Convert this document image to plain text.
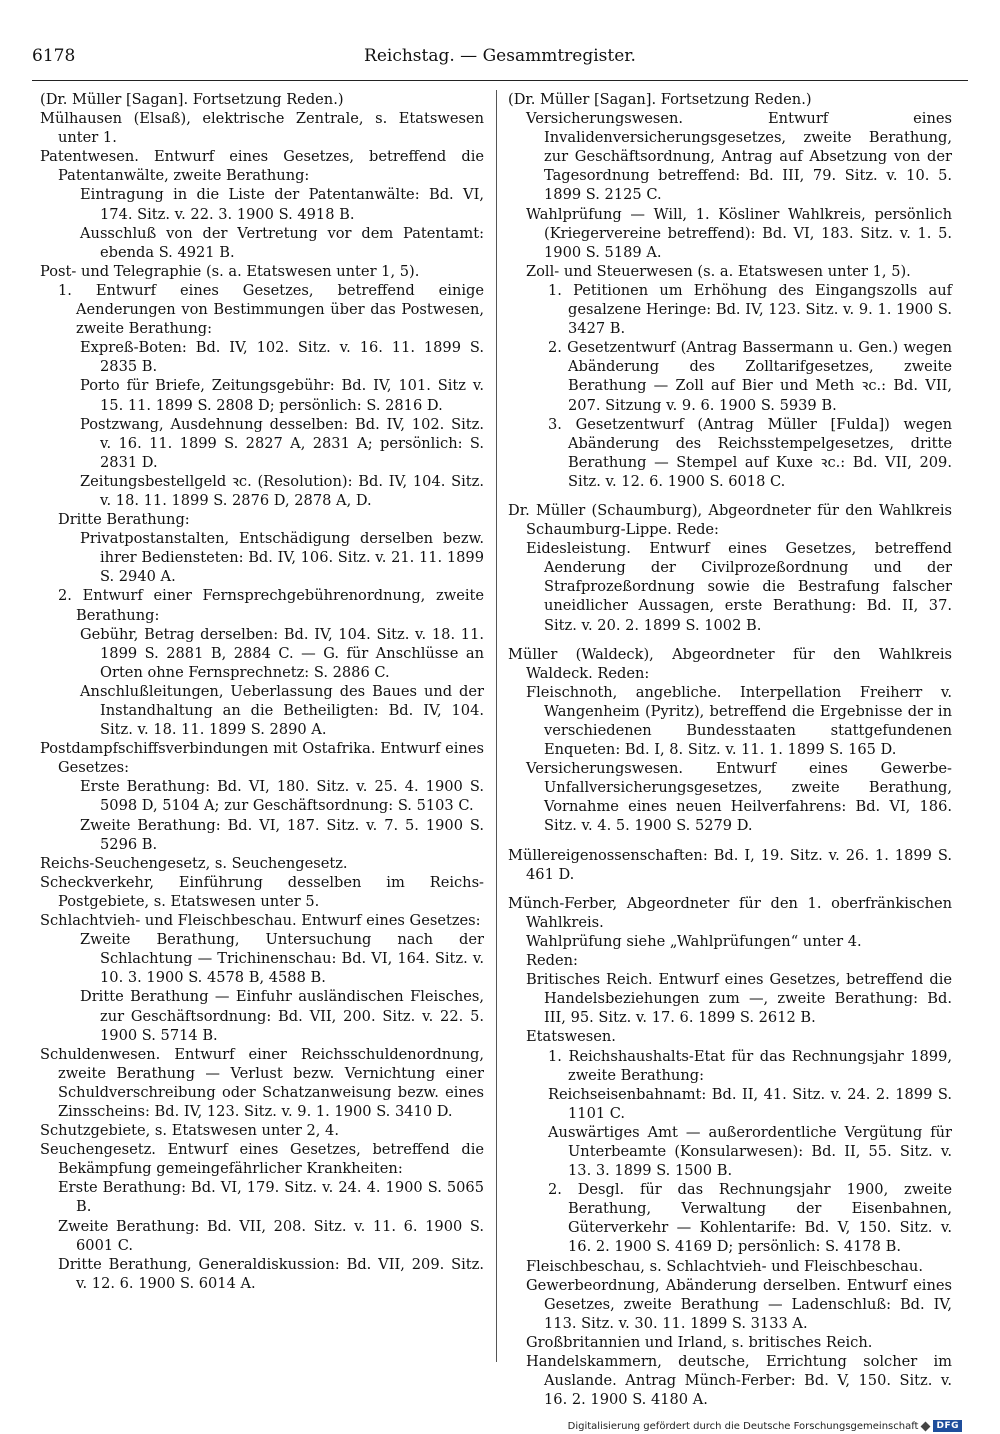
6178	Reichstag. — Gesammtregister.

(Dr. Müller [Sagan]. Fortsetzung Reden.)

Mülhausen (Elsaß), elektrische Zentrale, s. Etatswesen unter 1.

Patentwesen. Entwurf eines Gesetzes, betreffend die Patentanwälte, zweite Berathung:

Eintragung in die Liste der Patentanwälte: Bd. VI, 174. Sitz. v. 22. 3. 1900 S. 4918 B.

Ausschluß von der Vertretung vor dem Patentamt: ebenda S. 4921 B.

Post- und Telegraphie (s. a. Etatswesen unter 1, 5).

1. Entwurf eines Gesetzes, betreffend einige Aenderungen von Bestimmungen über das Postwesen, zweite Berathung:

Expreß-Boten: Bd. IV, 102. Sitz. v. 16. 11. 1899 S. 2835 B.

Porto für Briefe, Zeitungsgebühr: Bd. IV, 101. Sitz v. 15. 11. 1899 S. 2808 D; persönlich: S. 2816 D.

Postzwang, Ausdehnung desselben: Bd. IV, 102. Sitz. v. 16. 11. 1899 S. 2827 A, 2831 A; persönlich: S. 2831 D.

Zeitungsbestellgeld ꝛc. (Resolution): Bd. IV, 104. Sitz. v. 18. 11. 1899 S. 2876 D, 2878 A, D.

Dritte Berathung:

Privatpostanstalten, Entschädigung derselben bezw. ihrer Bediensteten: Bd. IV, 106. Sitz. v. 21. 11. 1899 S. 2940 A.

2. Entwurf einer Fernsprechgebührenordnung, zweite Berathung:

Gebühr, Betrag derselben: Bd. IV, 104. Sitz. v. 18. 11. 1899 S. 2881 B, 2884 C. — G. für Anschlüsse an Orten ohne Fernsprechnetz: S. 2886 C.

Anschlußleitungen, Ueberlassung des Baues und der Instandhaltung an die Betheiligten: Bd. IV, 104. Sitz. v. 18. 11. 1899 S. 2890 A.

Postdampfschiffsverbindungen mit Ostafrika. Entwurf eines Gesetzes:

Erste Berathung: Bd. VI, 180. Sitz. v. 25. 4. 1900 S. 5098 D, 5104 A; zur Geschäftsordnung: S. 5103 C.

Zweite Berathung: Bd. VI, 187. Sitz. v. 7. 5. 1900 S. 5296 B.

Reichs-Seuchengesetz, s. Seuchengesetz.

Scheckverkehr, Einführung desselben im Reichs-Postgebiete, s. Etatswesen unter 5.

Schlachtvieh- und Fleischbeschau. Entwurf eines Gesetzes:

Zweite Berathung, Untersuchung nach der Schlachtung — Trichinenschau: Bd. VI, 164. Sitz. v. 10. 3. 1900 S. 4578 B, 4588 B.

Dritte Berathung — Einfuhr ausländischen Fleisches, zur Geschäftsordnung: Bd. VII, 200. Sitz. v. 22. 5. 1900 S. 5714 B.

Schuldenwesen. Entwurf einer Reichsschuldenordnung, zweite Berathung — Verlust bezw. Vernichtung einer Schuldverschreibung oder Schatzanweisung bezw. eines Zinsscheins: Bd. IV, 123. Sitz. v. 9. 1. 1900 S. 3410 D.

Schutzgebiete, s. Etatswesen unter 2, 4.

Seuchengesetz. Entwurf eines Gesetzes, betreffend die Bekämpfung gemeingefährlicher Krankheiten:

Erste Berathung: Bd. VI, 179. Sitz. v. 24. 4. 1900 S. 5065 B.

Zweite Berathung: Bd. VII, 208. Sitz. v. 11. 6. 1900 S. 6001 C.

Dritte Berathung, Generaldiskussion: Bd. VII, 209. Sitz. v. 12. 6. 1900 S. 6014 A.

(Dr. Müller [Sagan]. Fortsetzung Reden.)

Versicherungswesen. Entwurf eines Invalidenversicherungsgesetzes, zweite Berathung, zur Geschäftsordnung, Antrag auf Absetzung von der Tagesordnung betreffend: Bd. III, 79. Sitz. v. 10. 5. 1899 S. 2125 C.

Wahlprüfung — Will, 1. Kösliner Wahlkreis, persönlich (Kriegervereine betreffend): Bd. VI, 183. Sitz. v. 1. 5. 1900 S. 5189 A.

Zoll- und Steuerwesen (s. a. Etatswesen unter 1, 5).

1. Petitionen um Erhöhung des Eingangszolls auf gesalzene Heringe: Bd. IV, 123. Sitz. v. 9. 1. 1900 S. 3427 B.

2. Gesetzentwurf (Antrag Bassermann u. Gen.) wegen Abänderung des Zolltarifgesetzes, zweite Berathung — Zoll auf Bier und Meth ꝛc.: Bd. VII, 207. Sitzung v. 9. 6. 1900 S. 5939 B.

3. Gesetzentwurf (Antrag Müller [Fulda]) wegen Abänderung des Reichsstempelgesetzes, dritte Berathung — Stempel auf Kuxe ꝛc.: Bd. VII, 209. Sitz. v. 12. 6. 1900 S. 6018 C.

Dr. Müller (Schaumburg), Abgeordneter für den Wahlkreis Schaumburg-Lippe. Rede:

Eidesleistung. Entwurf eines Gesetzes, betreffend Aenderung der Civilprozeßordnung und der Strafprozeßordnung sowie die Bestrafung falscher uneidlicher Aussagen, erste Berathung: Bd. II, 37. Sitz. v. 20. 2. 1899 S. 1002 B.

Müller (Waldeck), Abgeordneter für den Wahlkreis Waldeck. Reden:

Fleischnoth, angebliche. Interpellation Freiherr v. Wangenheim (Pyritz), betreffend die Ergebnisse der in verschiedenen Bundesstaaten stattgefundenen Enqueten: Bd. I, 8. Sitz. v. 11. 1. 1899 S. 165 D.

Versicherungswesen. Entwurf eines Gewerbe-Unfallversicherungsgesetzes, zweite Berathung, Vornahme eines neuen Heilverfahrens: Bd. VI, 186. Sitz. v. 4. 5. 1900 S. 5279 D.

Müllereigenossenschaften: Bd. I, 19. Sitz. v. 26. 1. 1899 S. 461 D.

Münch-Ferber, Abgeordneter für den 1. oberfränkischen Wahlkreis.

Wahlprüfung siehe „Wahlprüfungen“ unter 4.

Reden:

Britisches Reich. Entwurf eines Gesetzes, betreffend die Handelsbeziehungen zum —, zweite Berathung: Bd. III, 95. Sitz. v. 17. 6. 1899 S. 2612 B.

Etatswesen.

1. Reichshaushalts-Etat für das Rechnungsjahr 1899, zweite Berathung:

Reichseisenbahnamt: Bd. II, 41. Sitz. v. 24. 2. 1899 S. 1101 C.

Auswärtiges Amt — außerordentliche Vergütung für Unterbeamte (Konsularwesen): Bd. II, 55. Sitz. v. 13. 3. 1899 S. 1500 B.

2. Desgl. für das Rechnungsjahr 1900, zweite Berathung, Verwaltung der Eisenbahnen, Güterverkehr — Kohlentarife: Bd. V, 150. Sitz. v. 16. 2. 1900 S. 4169 D; persönlich: S. 4178 B.

Fleischbeschau, s. Schlachtvieh- und Fleischbeschau.

Gewerbeordnung, Abänderung derselben. Entwurf eines Gesetzes, zweite Berathung — Ladenschluß: Bd. IV, 113. Sitz. v. 30. 11. 1899 S. 3133 A.

Großbritannien und Irland, s. britisches Reich.

Handelskammern, deutsche, Errichtung solcher im Auslande. Antrag Münch-Ferber: Bd. V, 150. Sitz. v. 16. 2. 1900 S. 4180 A.

Digitalisierung gefördert durch die Deutsche Forschungsgemeinschaft	DFG
